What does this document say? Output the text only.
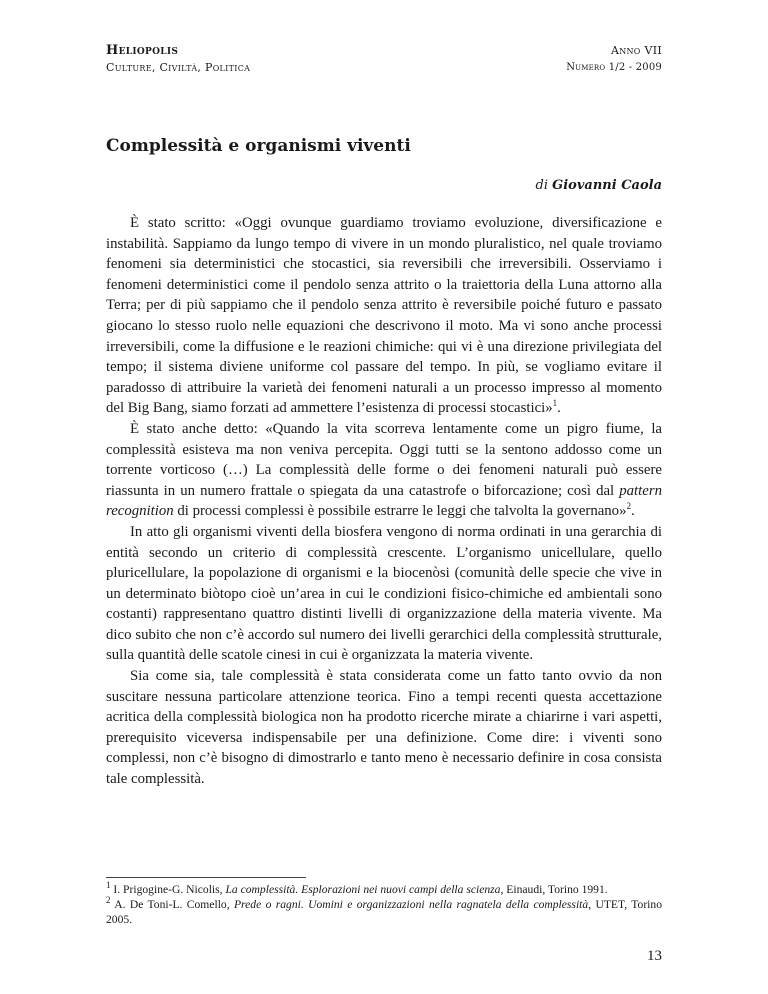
Heliopolis
Culture, Civiltà, Politica
Anno VII
Numero 1/2 - 2009
Complessità e organismi viventi
di Giovanni Caola

È stato scritto: «Oggi ovunque guardiamo troviamo evoluzione, diversificazione e instabilità. Sappiamo da lungo tempo di vivere in un mondo pluralistico, nel quale troviamo fenomeni sia deterministici che stocastici, sia reversibili che irreversibili. Osserviamo i fenomeni deterministici come il pendolo senza attrito o la traiettoria della Luna attorno alla Terra; per di più sappiamo che il pendolo senza attrito è reversibile poiché futuro e passato giocano lo stesso ruolo nelle equazioni che descrivono il moto. Ma vi sono anche processi irreversibili, come la diffusione e le reazioni chimiche: qui vi è una direzione privilegiata del tempo; il sistema diviene uniforme col passare del tempo. In più, se vogliamo evitare il paradosso di attribuire la varietà dei fenomeni naturali a un processo impresso al momento del Big Bang, siamo forzati ad ammettere l’esistenza di processi stocastici»$^1$.

È stato anche detto: «Quando la vita scorreva lentamente come un pigro fiume, la complessità esisteva ma non veniva percepita. Oggi tutti se la sentono addosso come un torrente vorticoso (…) La complessità delle forme o dei fenomeni naturali può essere riassunta in un numero frattale o spiegata da una catastrofe o biforcazione; così dal pattern recognition di processi complessi è possibile estrarre le leggi che talvolta la governano»$^2$.

In atto gli organismi viventi della biosfera vengono di norma ordinati in una gerarchia di entità secondo un criterio di complessità crescente. L’organismo unicellulare, quello pluricellulare, la popolazione di organismi e la biocenòsi (comunità delle specie che vive in un determinato biòtopo cioè un’area in cui le condizioni fisico-chimiche ed ambientali sono costanti) rappresentano quattro distinti livelli di organizzazione della materia vivente. Ma dico subito che non c’è accordo sul numero dei livelli gerarchici della complessità strutturale, sulla quantità delle scatole cinesi in cui è organizzata la materia vivente.

Sia come sia, tale complessità è stata considerata come un fatto tanto ovvio da non suscitare nessuna particolare attenzione teorica. Fino a tempi recenti questa accettazione acritica della complessità biologica non ha prodotto ricerche mirate a chiarirne i vari aspetti, prerequisito viceversa indispensabile per una definizione. Come dire: i viventi sono complessi, non c’è bisogno di dimostrarlo e tanto meno è necessario definire in cosa consista tale complessità.

$^1$ I. Prigogine-G. Nicolis, La complessità. Esplorazioni nei nuovi campi della scienza, Einaudi, Torino 1991.

$^2$ A. De Toni-L. Comello, Prede o ragni. Uomini e organizzazioni nella ragnatela della complessità, UTET, Torino 2005.

13
